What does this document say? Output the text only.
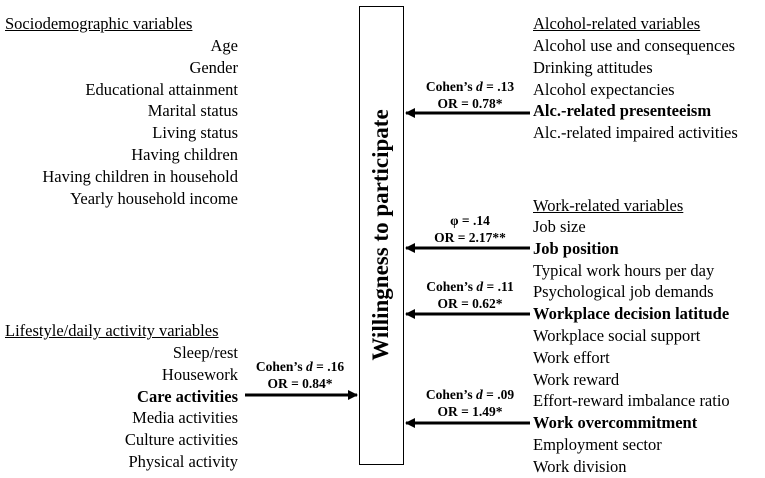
Willingness to participate
Sociodemographic variables
Age
Gender
Educational attainment
Marital status
Living status
Having children
Having children in household
Yearly household income
Lifestyle/daily activity variables
Sleep/rest
Housework
Care activities
Media activities
Culture activities
Physical activity
Alcohol-related variables
Alcohol use and consequences
Drinking attitudes
Alcohol expectancies
Alc.-related presenteeism
Alc.-related impaired activities
Work-related variables
Job size
Job position
Typical work hours per day
Psychological job demands
Workplace decision latitude
Workplace social support
Work effort
Work reward
Effort-reward imbalance ratio
Work overcommitment
Employment sector
Work division
Cohen’s d = .13
OR = 0.78*
φ = .14
OR = 2.17**
Cohen’s d = .11
OR = 0.62*
Cohen’s d = .09
OR = 1.49*
Cohen’s d = .16
OR = 0.84*
